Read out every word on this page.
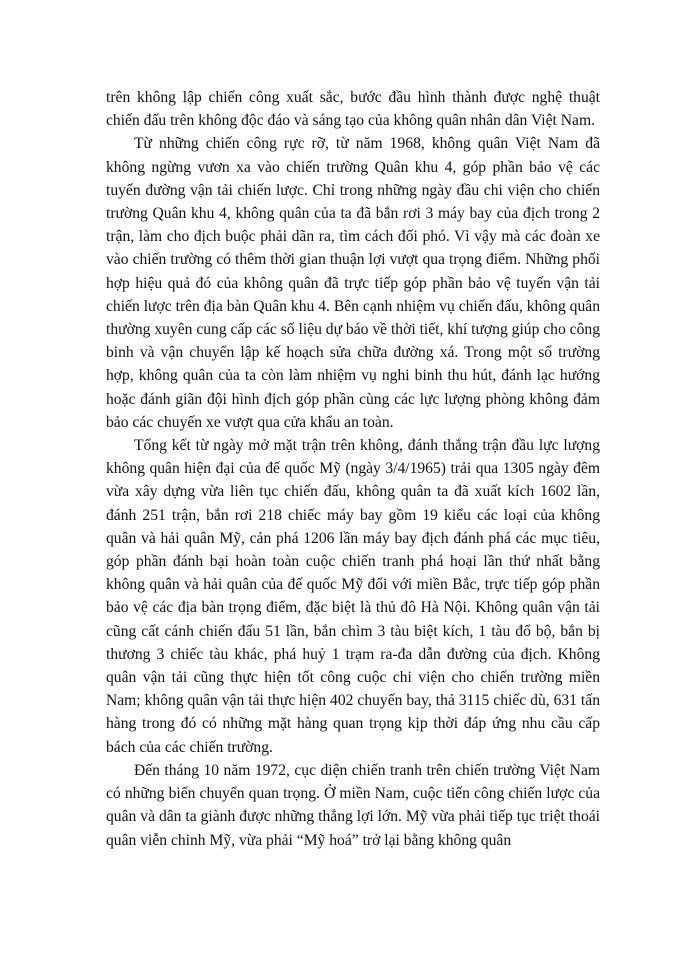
trên không lập chiến công xuất sắc, bước đầu hình thành được nghệ thuật chiến đấu trên không độc đáo và sáng tạo của không quân nhân dân Việt Nam.

Từ những chiến công rực rỡ, từ năm 1968, không quân Việt Nam đã không ngừng vươn xa vào chiến trường Quân khu 4, góp phần bảo vệ các tuyến đường vận tải chiến lược. Chỉ trong những ngày đầu chi viện cho chiến trường Quân khu 4, không quân của ta đã bắn rơi 3 máy bay của địch trong 2 trận, làm cho địch buộc phải dãn ra, tìm cách đối phó. Vì vậy mà các đoàn xe vào chiến trường có thêm thời gian thuận lợi vượt qua trọng điểm. Những phối hợp hiệu quả đó của không quân đã trực tiếp góp phần bảo vệ tuyến vận tải chiến lược trên địa bàn Quân khu 4. Bên cạnh nhiệm vụ chiến đấu, không quân thường xuyên cung cấp các số liệu dự báo về thời tiết, khí tượng giúp cho công binh và vận chuyển lập kế hoạch sửa chữa đường xá. Trong một số trường hợp, không quân của ta còn làm nhiệm vụ nghi binh thu hút, đánh lạc hướng hoặc đánh giãn đội hình địch góp phần cùng các lực lượng phòng không đảm bảo các chuyến xe vượt qua cửa khẩu an toàn.

Tổng kết từ ngày mở mặt trận trên không, đánh thắng trận đầu lực lượng không quân hiện đại của đế quốc Mỹ (ngày 3/4/1965) trải qua 1305 ngày đêm vừa xây dựng vừa liên tục chiến đấu, không quân ta đã xuất kích 1602 lần, đánh 251 trận, bắn rơi 218 chiếc máy bay gồm 19 kiểu các loại của không quân và hải quân Mỹ, cản phá 1206 lần máy bay địch đánh phá các mục tiêu, góp phần đánh bại hoàn toàn cuộc chiến tranh phá hoại lần thứ nhất bằng không quân và hải quân của đế quốc Mỹ đối với miền Bắc, trực tiếp góp phần bảo vệ các địa bàn trọng điểm, đặc biệt là thủ đô Hà Nội. Không quân vận tải cũng cất cánh chiến đấu 51 lần, bắn chìm 3 tàu biệt kích, 1 tàu đổ bộ, bắn bị thương 3 chiếc tàu khác, phá huỷ 1 trạm ra-đa dẫn đường của địch. Không quân vận tải cũng thực hiện tốt công cuộc chi viện cho chiến trường miền Nam; không quân vận tải thực hiện 402 chuyến bay, thả 3115 chiếc dù, 631 tấn hàng trong đó có những mặt hàng quan trọng kịp thời đáp ứng nhu cầu cấp bách của các chiến trường.

Đến tháng 10 năm 1972, cục diện chiến tranh trên chiến trường Việt Nam có những biến chuyển quan trọng. Ở miền Nam, cuộc tiến công chiến lược của quân và dân ta giành được những thắng lợi lớn. Mỹ vừa phải tiếp tục triệt thoái quân viễn chinh Mỹ, vừa phải “Mỹ hoá” trở lại bằng không quân
